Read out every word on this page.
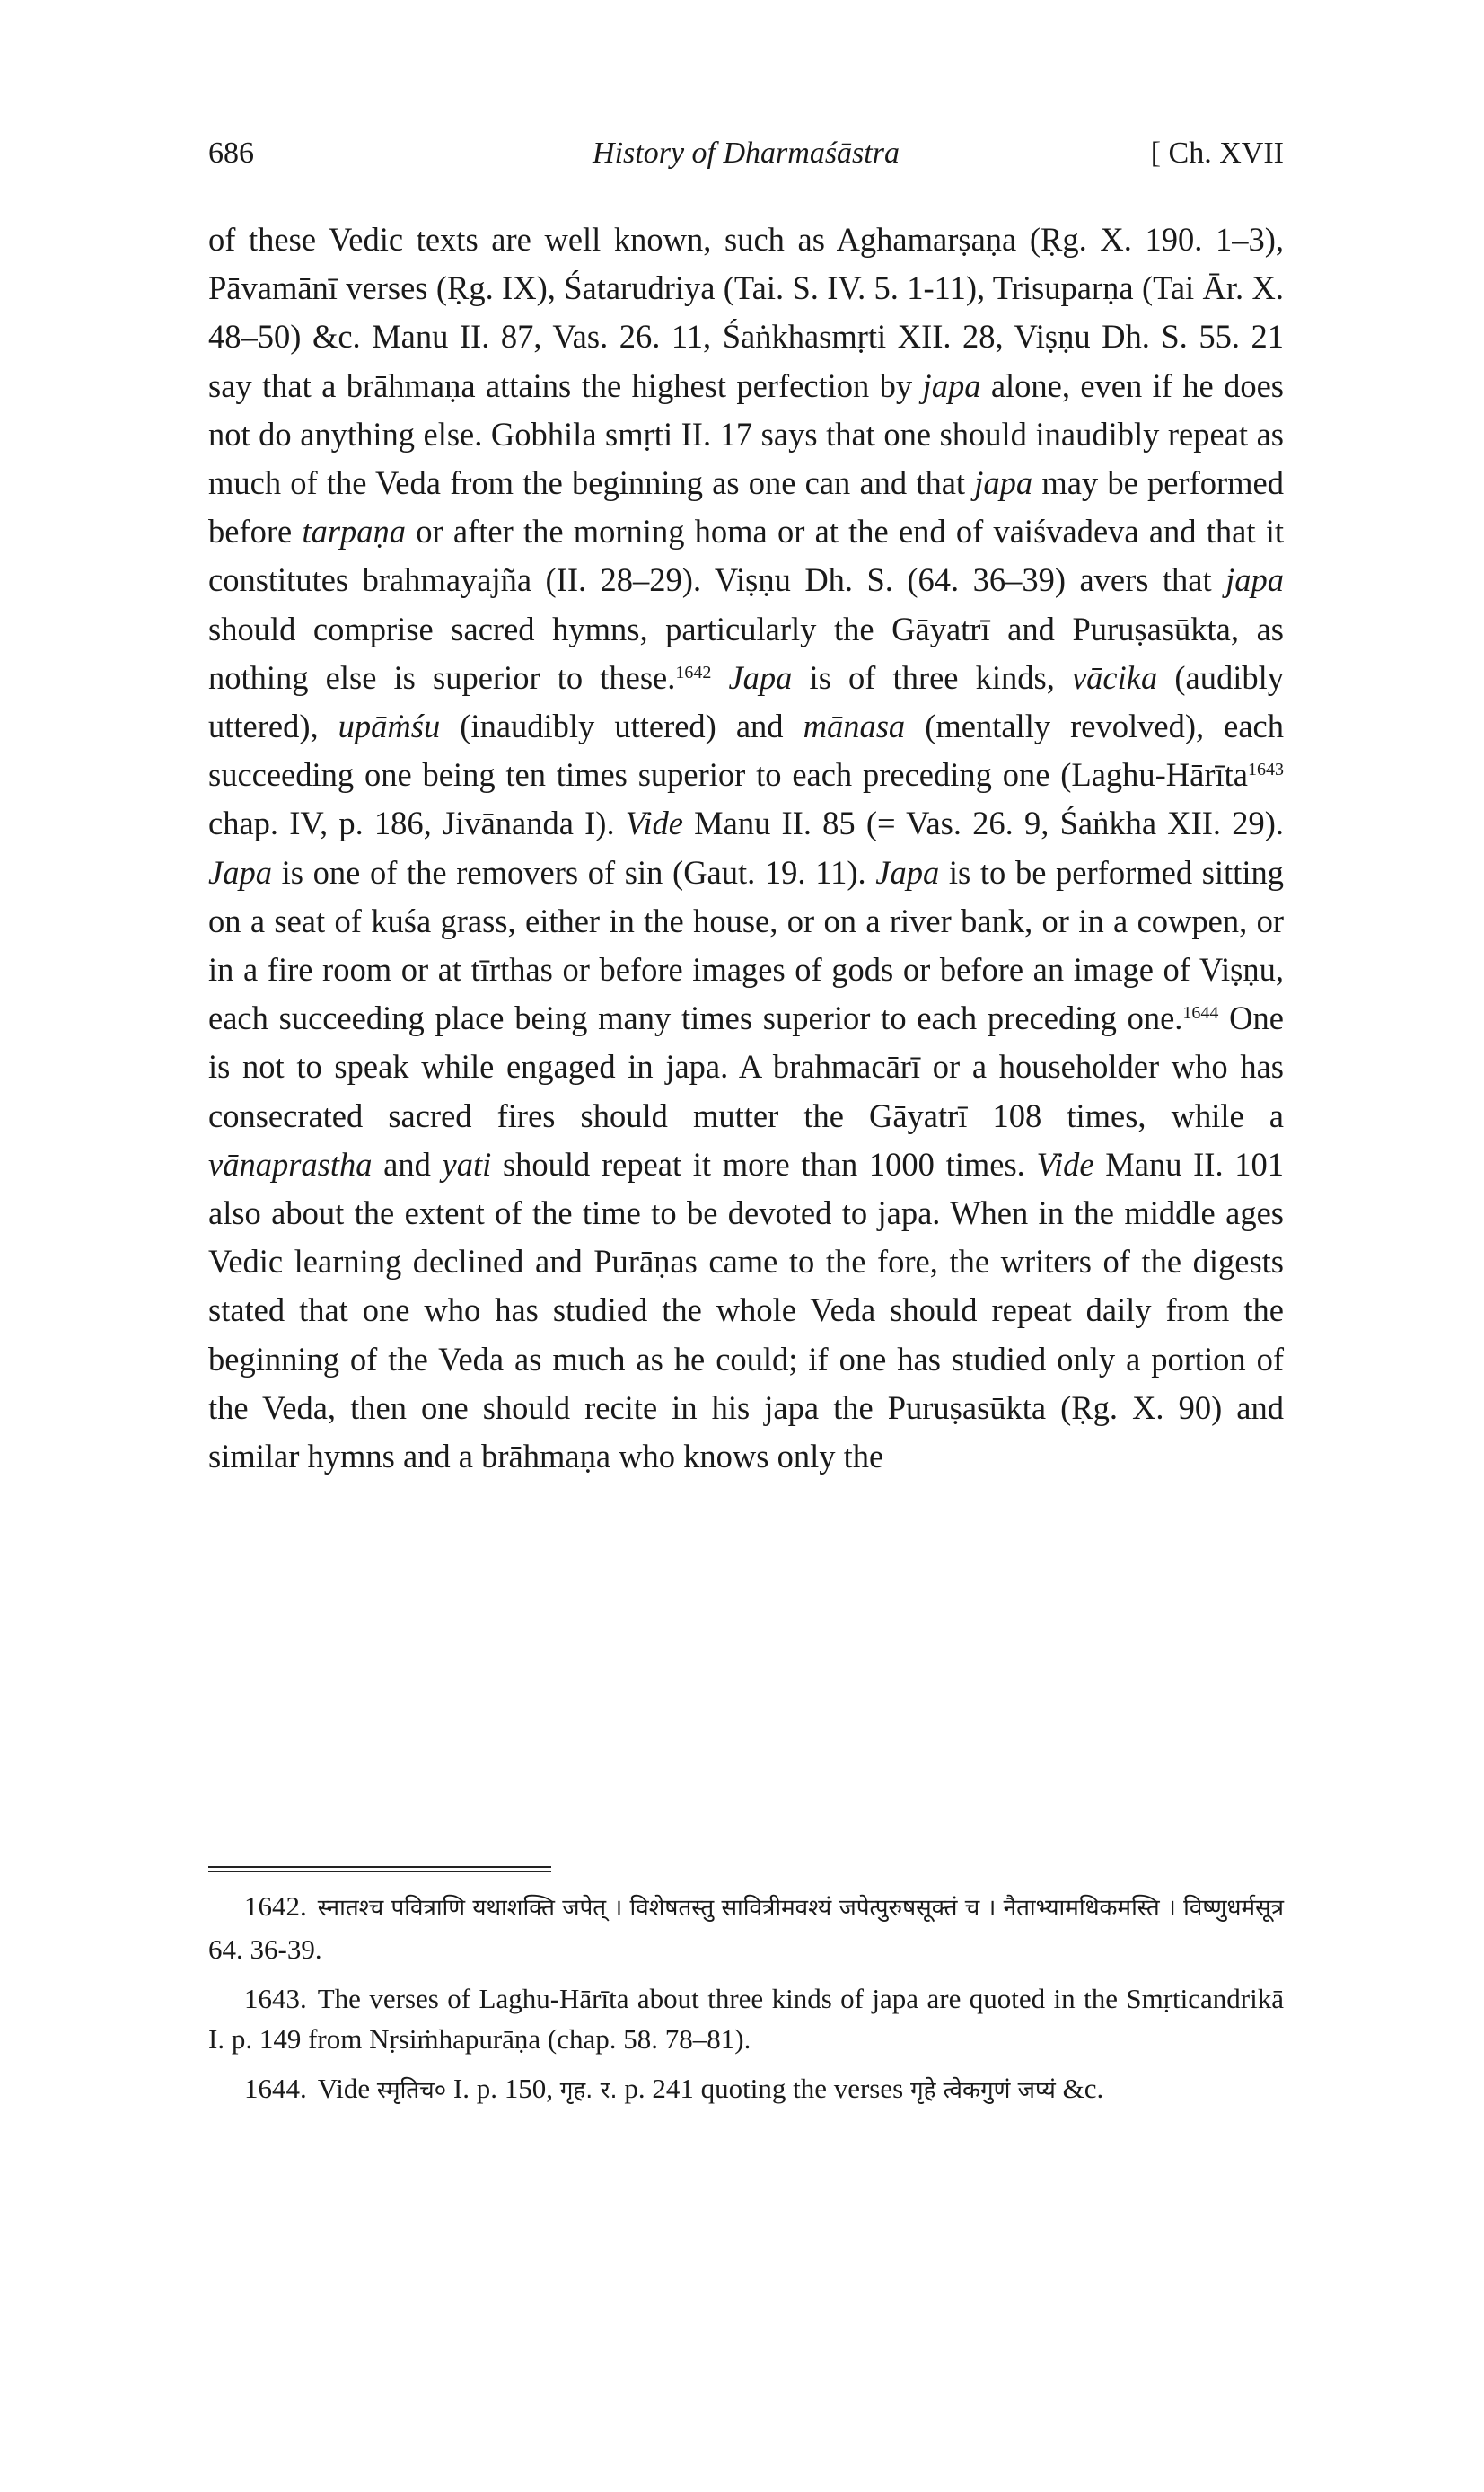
686	History of Dharmaśāstra	[ Ch. XVII

of these Vedic texts are well known, such as Aghamarṣaṇa (Ṛg. X. 190. 1–3), Pāvamānī verses (Ṛg. IX), Śatarudriya (Tai. S. IV. 5. 1-11), Trisuparṇa (Tai Ār. X. 48–50) &c. Manu II. 87, Vas. 26. 11, Śaṅkhasmṛti XII. 28, Viṣṇu Dh. S. 55. 21 say that a brāhmaṇa attains the highest perfection by japa alone, even if he does not do anything else. Gobhila smṛti II. 17 says that one should inaudibly repeat as much of the Veda from the beginning as one can and that japa may be performed before tarpaṇa or after the morning homa or at the end of vaiśvadeva and that it constitutes brahmayajña (II. 28–29). Viṣṇu Dh. S. (64. 36–39) avers that japa should comprise sacred hymns, particularly the Gāyatrī and Puruṣasūkta, as nothing else is superior to these.$^{1642}$ Japa is of three kinds, vācika (audibly uttered), upāṁśu (inaudibly uttered) and mānasa (mentally revolved), each succeeding one being ten times superior to each preceding one (Laghu-Hārīta$^{1643}$ chap. IV, p. 186, Jivānanda I). Vide Manu II. 85 (= Vas. 26. 9, Śaṅkha XII. 29). Japa is one of the removers of sin (Gaut. 19. 11). Japa is to be performed sitting on a seat of kuśa grass, either in the house, or on a river bank, or in a cowpen, or in a fire room or at tīrthas or before images of gods or before an image of Viṣṇu, each succeeding place being many times superior to each preceding one.$^{1644}$ One is not to speak while engaged in japa. A brahmacārī or a householder who has consecrated sacred fires should mutter the Gāyatrī 108 times, while a vānaprastha and yati should repeat it more than 1000 times. Vide Manu II. 101 also about the extent of the time to be devoted to japa. When in the middle ages Vedic learning declined and Purāṇas came to the fore, the writers of the digests stated that one who has studied the whole Veda should repeat daily from the beginning of the Veda as much as he could; if one has studied only a portion of the Veda, then one should recite in his japa the Puruṣasūkta (Ṛg. X. 90) and similar hymns and a brāhmaṇa who knows only the

1642. स्नातश्च पवित्राणि यथाशक्ति जपेत् । विशेषतस्तु सावित्रीमवश्यं जपेत्पुरुषसूक्तं च । नैताभ्यामधिकमस्ति । विष्णुधर्मसूत्र 64. 36-39.

1643. The verses of Laghu-Hārīta about three kinds of japa are quoted in the Smṛticandrikā I. p. 149 from Nṛsiṁhapurāṇa (chap. 58. 78–81).

1644. Vide स्मृतिच० I. p. 150, गृह. र. p. 241 quoting the verses गृहे त्वेकगुणं जप्यं &c.
